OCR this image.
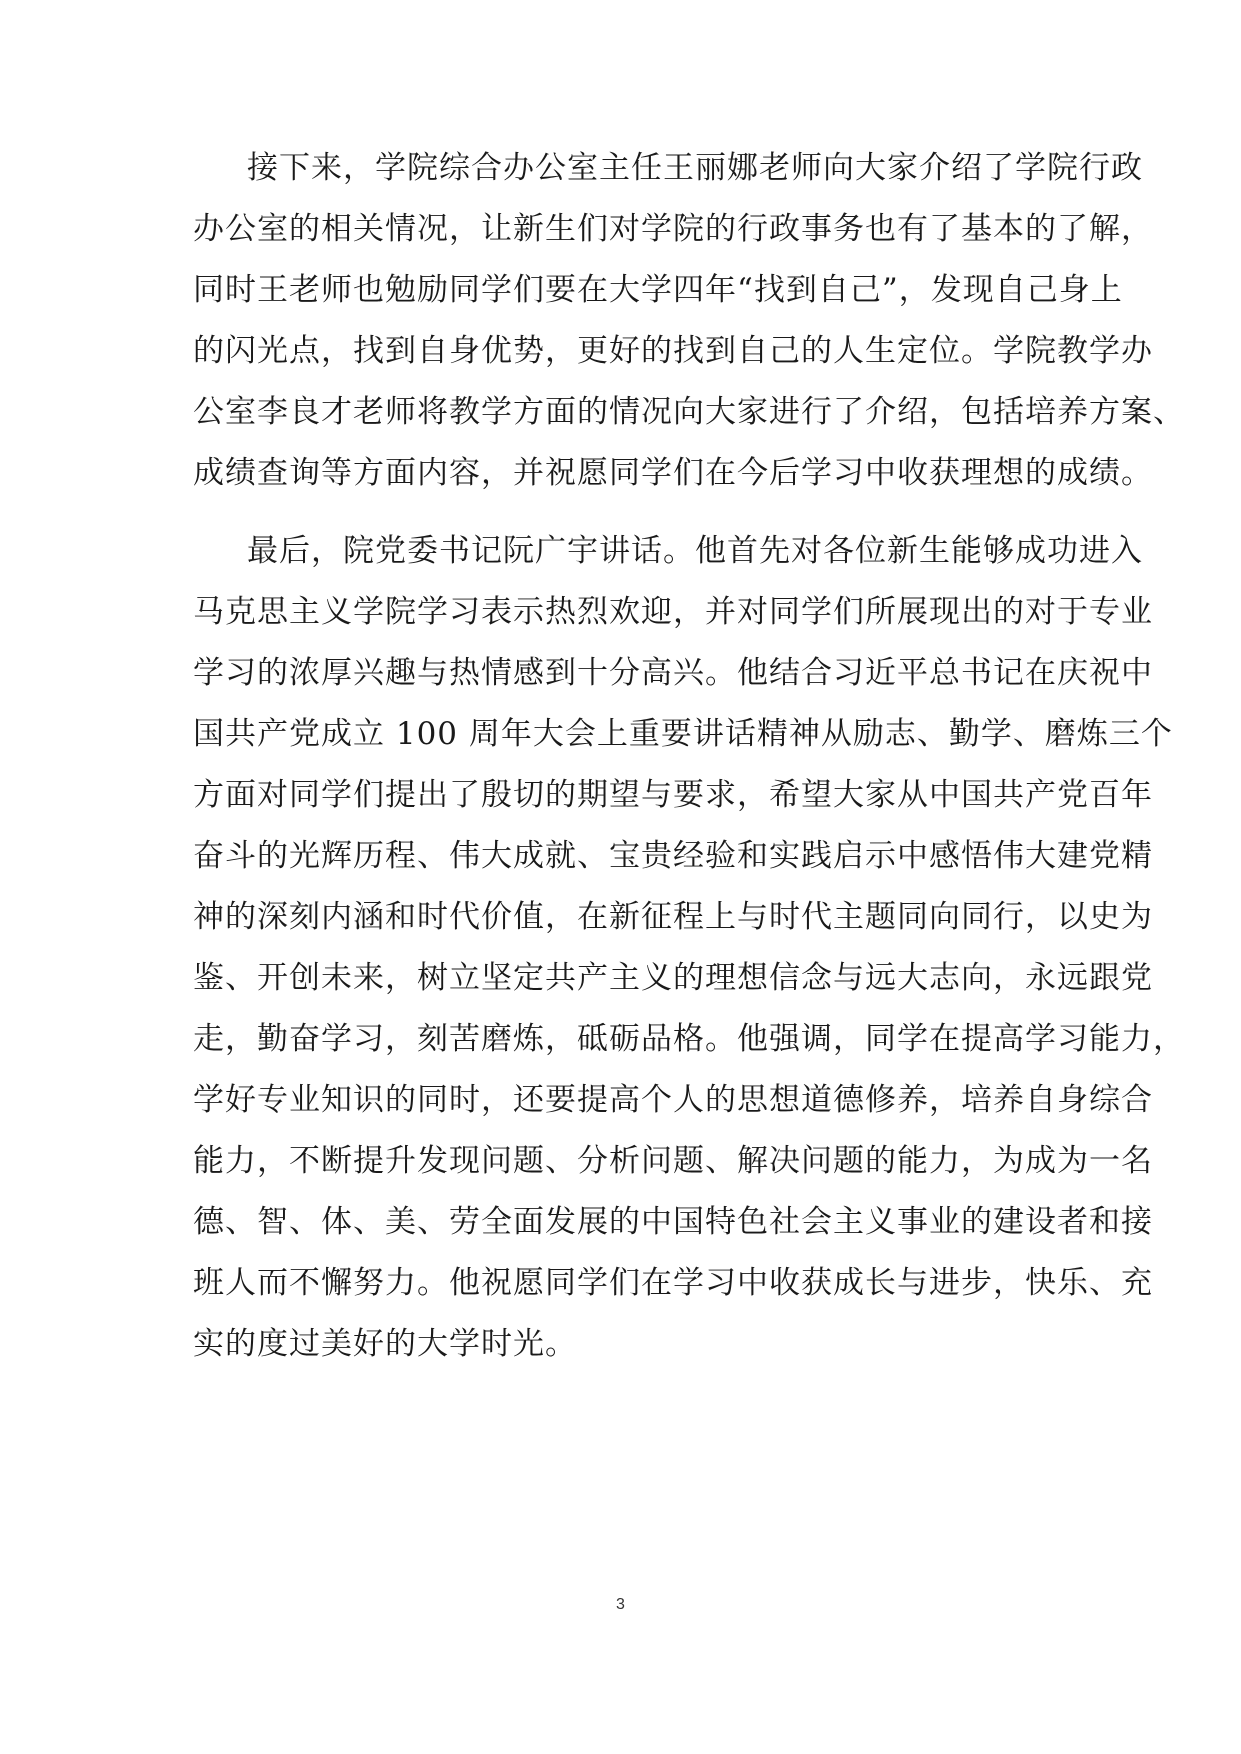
接下来，学院综合办公室主任王丽娜老师向大家介绍了学院行政
办公室的相关情况，让新生们对学院的行政事务也有了基本的了解，
同时王老师也勉励同学们要在大学四年“找到自己”，发现自己身上
的闪光点，找到自身优势，更好的找到自己的人生定位。学院教学办
公室李良才老师将教学方面的情况向大家进行了介绍，包括培养方案、
成绩查询等方面内容，并祝愿同学们在今后学习中收获理想的成绩。
最后，院党委书记阮广宇讲话。他首先对各位新生能够成功进入
马克思主义学院学习表示热烈欢迎，并对同学们所展现出的对于专业
学习的浓厚兴趣与热情感到十分高兴。他结合习近平总书记在庆祝中
国共产党成立 100 周年大会上重要讲话精神从励志、勤学、磨炼三个
方面对同学们提出了殷切的期望与要求，希望大家从中国共产党百年
奋斗的光辉历程、伟大成就、宝贵经验和实践启示中感悟伟大建党精
神的深刻内涵和时代价值，在新征程上与时代主题同向同行，以史为
鉴、开创未来，树立坚定共产主义的理想信念与远大志向，永远跟党
走，勤奋学习，刻苦磨炼，砥砺品格。他强调，同学在提高学习能力，
学好专业知识的同时，还要提高个人的思想道德修养，培养自身综合
能力，不断提升发现问题、分析问题、解决问题的能力，为成为一名
德、智、体、美、劳全面发展的中国特色社会主义事业的建设者和接
班人而不懈努力。他祝愿同学们在学习中收获成长与进步，快乐、充
实的度过美好的大学时光。
3
